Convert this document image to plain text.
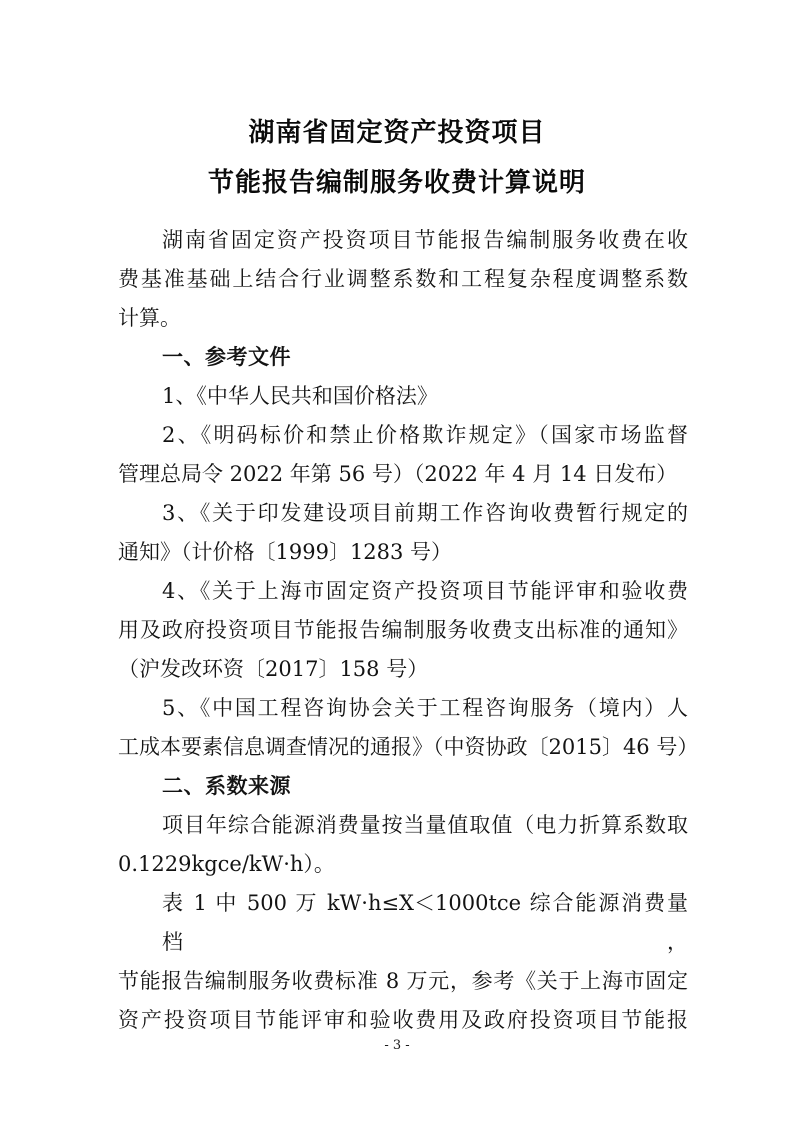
湖南省固定资产投资项目
节能报告编制服务收费计算说明
湖南省固定资产投资项目节能报告编制服务收费在收
费基准基础上结合行业调整系数和工程复杂程度调整系数
计算。
一、参考文件
1、《中华人民共和国价格法》
2、《明码标价和禁止价格欺诈规定》（国家市场监督
管理总局令 2022 年第 56 号）（2022 年 4 月 14 日发布）
3、《关于印发建设项目前期工作咨询收费暂行规定的
通知》（计价格〔1999〕1283 号）
4、《关于上海市固定资产投资项目节能评审和验收费
用及政府投资项目节能报告编制服务收费支出标准的通知》
（沪发改环资〔2017〕158 号）
5、《中国工程咨询协会关于工程咨询服务（境内）人
工成本要素信息调查情况的通报》（中资协政〔2015〕46 号）
二、系数来源
项目年综合能源消费量按当量值取值（电力折算系数取
0.1229kgce/kW·h）。
表 1 中 500 万 kW·h≤X＜1000tce 综合能源消费量档，
节能报告编制服务收费标准 8 万元，参考《关于上海市固定
资产投资项目节能评审和验收费用及政府投资项目节能报
- 3 -
